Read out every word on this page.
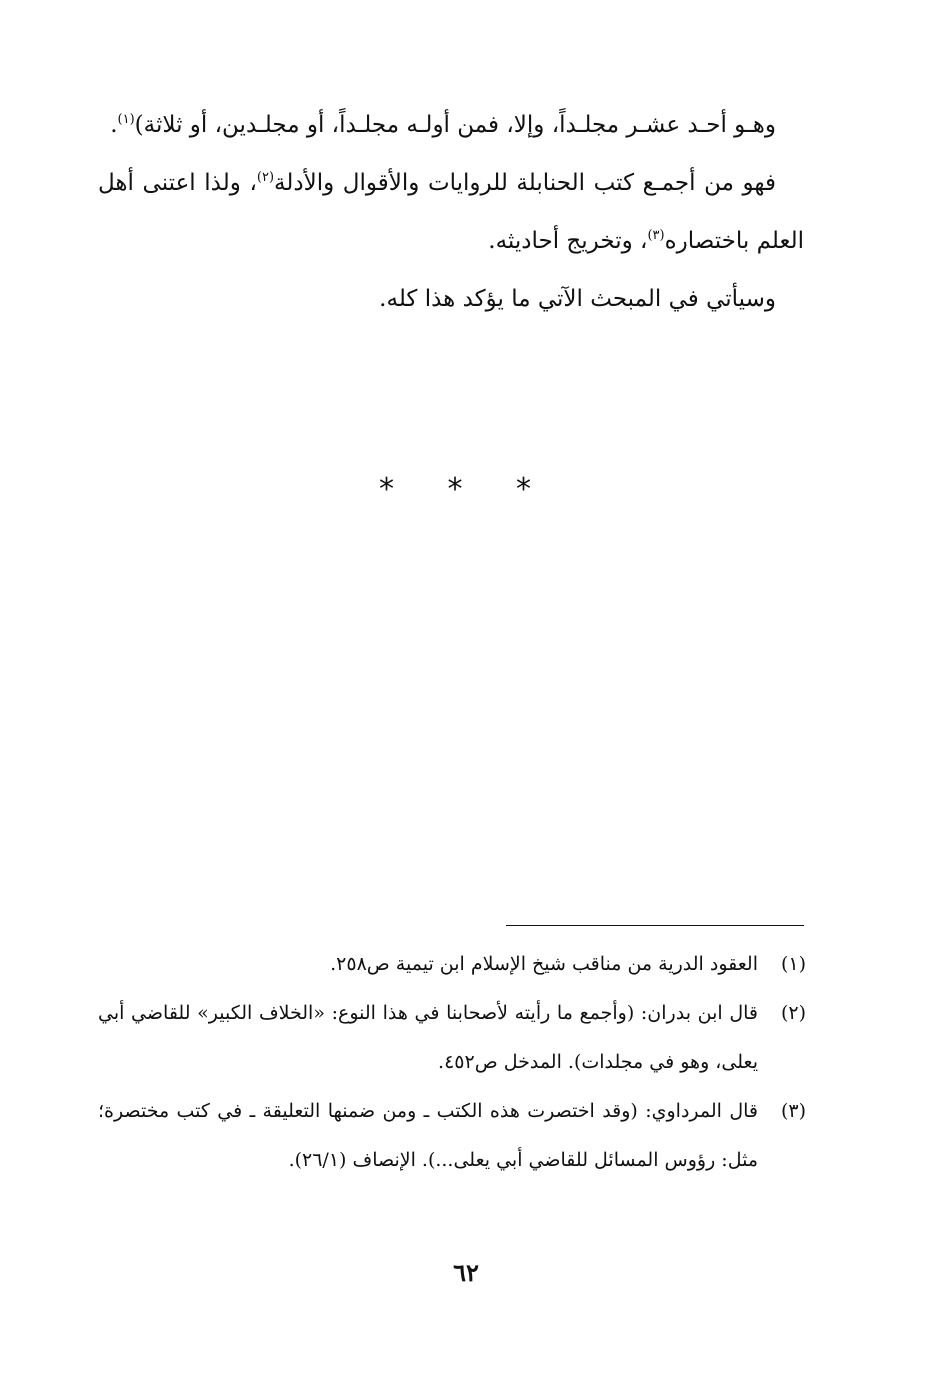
وهـو أحـد عشـر مجلـداً، وإلا، فمن أولـه مجلـداً، أو مجلـدين، أو ثلاثة)$^{(١)}$.

فهو من أجمـع كتب الحنابلة للروايات والأقوال والأدلة$^{(٢)}$، ولذا اعتنى أهل العلم باختصاره$^{(٣)}$، وتخريج أحاديثه.

وسيأتي في المبحث الآتي ما يؤكد هذا كله.

* * *
(١)
العقود الدرية من مناقب شيخ الإسلام ابن تيمية ص٢٥٨.
(٢)
قال ابن بدران: (وأجمع ما رأيته لأصحابنا في هذا النوع: «الخلاف الكبير» للقاضي أبي يعلى، وهو في مجلدات). المدخل ص٤٥٢.
(٣)
قال المرداوي: (وقد اختصرت هذه الكتب ـ ومن ضمنها التعليقة ـ في كتب مختصرة؛ مثل: رؤوس المسائل للقاضي أبي يعلى...). الإنصاف (٢٦/١).
٦٢
